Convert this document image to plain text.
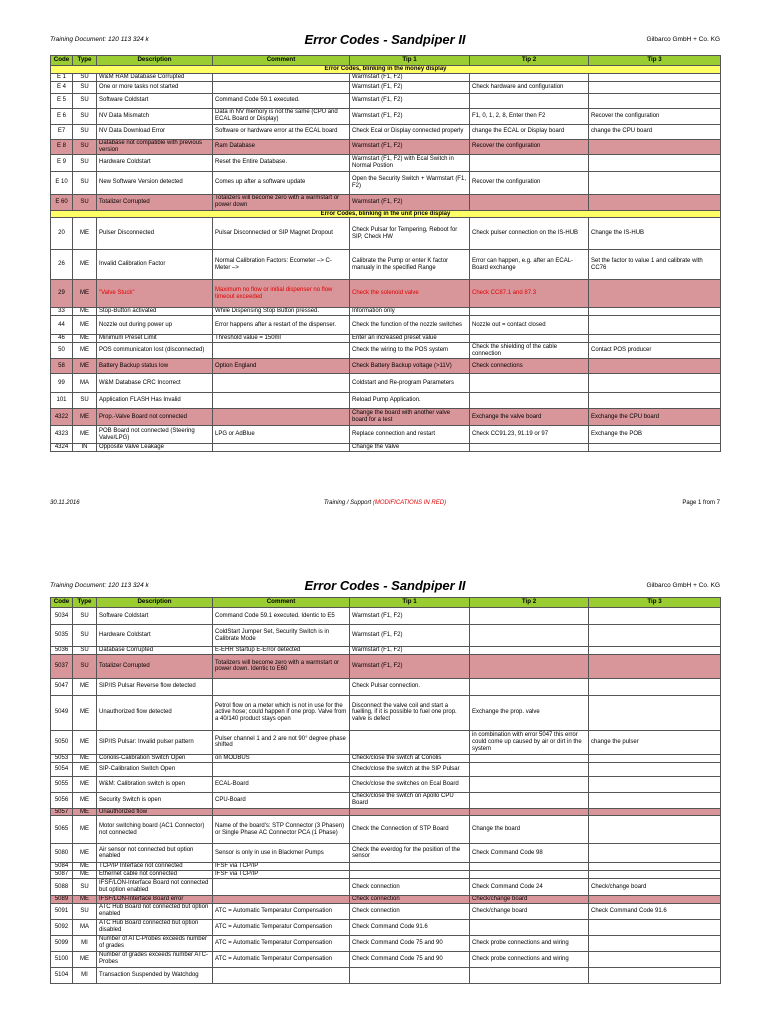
Training Document: 120 113 324 k	Error Codes - Sandpiper II	Gilbarco GmbH + Co. KG
Code	Type	Description	Comment	Tip 1	Tip 2	Tip 3
Error Codes, blinking in the money display						
E 1	SU	W&M RAM Database Corrupted		Warmstart (F1, F2)		
E 4	SU	One or more tasks not started		Warmstart (F1, F2)	Check hardware and configuration	
E 5	SU	Software Coldstart	Command Code 59.1 executed.	Warmstart (F1, F2)		
E 6	SU	NV Data Mismatch	Data in NV memory is not the same (CPU and ECAL Board or Display)	Warmstart (F1, F2)	F1, 0, 1, 2, 8, Enter then F2	Recover the configuration
E7	SU	NV Data Download Error	Software or hardware error at the ECAL board	Check Ecal or Display connected properly	change the ECAL or Display board	change the CPU board
E 8	SU	Database not compatible with previous version	Ram Database	Warmstart (F1, F2)	Recover the configuration	
E 9	SU	Hardware Coldstart	Reset the Entire Database.	Warmstart (F1, F2) with Ecal Switch in Normal Postion		
E 10	SU	New Software Version detected	Comes up after a software update	Open the Security Switch + Warmstart (F1, F2)	Recover the configuration	
E 60	SU	Totalizer Corrupted	Totalizers will become zero with a warmstart or power down	Warmstart (F1, F2)		
Error Codes, blinking in the unit price display						
20	ME	Pulser Disconnected	Pulsar Disconnected or SIP Magnet Dropout	Check Pulsar for Tempering, Reboot for SIP, Check HW	Check pulser connection on the IS-HUB	Change the IS-HUB
26	ME	Invalid Calibration Factor	Normal Calibration Factors: Ecometer –> C-Meter –>	Calibrate the Pump or enter K factor manualy in the specified Range	Error can happen, e.g. after an ECAL-Board exchange	Set the factor to value 1 and calibrate with CC76
29	ME	"Valve Stuck"	Maximum no flow or initial dispenser no flow timeout exceeded	Check the solenoid valve	Check CC87.1 and 87.3	
33	ME	Stop-Button activated	While Dispensing Stop Button pressed.	Information only		
44	ME	Nozzle out during power up	Error happens after a restart of the dispenser.	Check the function of the nozzle switches	Nozzle out = contact closed	
46	ME	Minimum Preset Limit	Threshold value = 150ml	Enter an increased preset value		
50	ME	POS communicaton lost (disconnected)		Check the wiring to the POS system	Check the shielding of the cable connection	Contact POS producer
58	ME	Battery Backup status low	Option England	Check Battery Backup voltage (>11V)	Check connections	
99	MA	W&M Database CRC Incorrect		Coldstart and Re-program Parameters		
101	SU	Application FLASH Has Invalid		Reload Pump Application.		
4322	ME	Prop.-Valve Board not connected		Change the board with another valve board for a test	Exchange the valve board	Exchange the CPU board
4323	ME	POB Board not connected (Steering Valve/LPG)	LPG or AdBlue	Replace connection and restart	Check CC91.23, 91.19 or 97	Exchange the POB
4324	IN	Opposite Valve Leakage		Change the Valve		
30.11.2016	Training / Support (MODIFICATIONS IN RED)	Page 1 from 7
Training Document: 120 113 324 k	Error Codes - Sandpiper II	Gilbarco GmbH + Co. KG
Code	Type	Description	Comment	Tip 1	Tip 2	Tip 3
5034	SU	Software Coldstart	Command Code 59.1 executed. Identic to E5	Warmstart (F1, F2)		
5035	SU	Hardware Coldstart	ColdStart Jumper Set, Security Switch is in Calibrate Mode	Warmstart (F1, F2)		
5036	SU	Database Corrupted	E-EHR Startup E-Error detected	Warmstart (F1, F2)		
5037	SU	Totalizer Corrupted	Totalizers will become zero with a warmstart or power down. Identic to E60	Warmstart (F1, F2)		
5047	ME	SIP/IS Pulsar Reverse flow detected		Check Pulsar connection.		
5049	ME	Unauthorized flow detected	Petrol flow on a meter which is not in use for the active hose; could happen if one prop. Valve from a 40/140 product stays open	Disconnect the valve coil and start a fuelling, if it is possible to fuel one prop. valve is defect	Exchange the prop. valve	
5050	ME	SIP/IS Pulsar: Invalid pulser pattern	Pulser channel 1 and 2 are not 90° degree phase shifted		in combination with error 5047 this error could come up caused by air or dirt in the system	change the pulser
5053	ME	Coriolis-Calibration Switch Open	on MODBUS	Check/close the switch at Coriolis		
5054	ME	SIP-Calibration Switch Open		Check/close the switch at the SIP Pulsar		
5055	ME	W&M: Calibration switch is open	ECAL-Board	Check/close the switches on Ecal Board		
5056	ME	Security Switch is open	CPU-Board	Check/close the switch on Apollo CPU Board		
5057	ME	Unauthorized flow				
5065	ME	Motor switching board (AC1 Connector) not connected	Name of the board's: STP Connector (3 Phasen) or Single Phase AC Connector PCA (1 Phase)	Check the Connection of STP Board	Change the board	
5080	ME	Air sensor not connected but option enabled	Sensor is only in use in Blackmer Pumps	Check the everdog for the position of the sensor	Check Command Code 98	
5084	ME	TCP/IP Interface not connected	IFSF via TCP/IP			
5087	ME	Ethernet cable not connected	IFSF via TCP/IP			
5088	SU	IFSF/LON-Interface Board not connected but option enabled		Check connection	Check Command Code 24	Check/change board
5089	ME	IFSF/LON-Interface Board error		Check connection	Check/change board	
5091	SU	ATC Hub Board not connected but option enabled	ATC = Automatic Temperatur Compensation	Check connection	Check/change board	Check Command Code 91.6
5092	MA	ATC Hub Board connected but option disabled	ATC = Automatic Temperatur Compensation	Check Command Code 91.6		
5099	MI	Number of ATC-Probes exceeds number of grades	ATC = Automatic Temperatur Compensation	Check Command Code 75 and 90	Check probe connections and wiring	
5100	ME	Number of grades exceeds number ATC-Probes	ATC = Automatic Temperatur Compensation	Check Command Code 75 and 90	Check probe connections and wiring	
5104	MI	Transaction Suspended by Watchdog				
